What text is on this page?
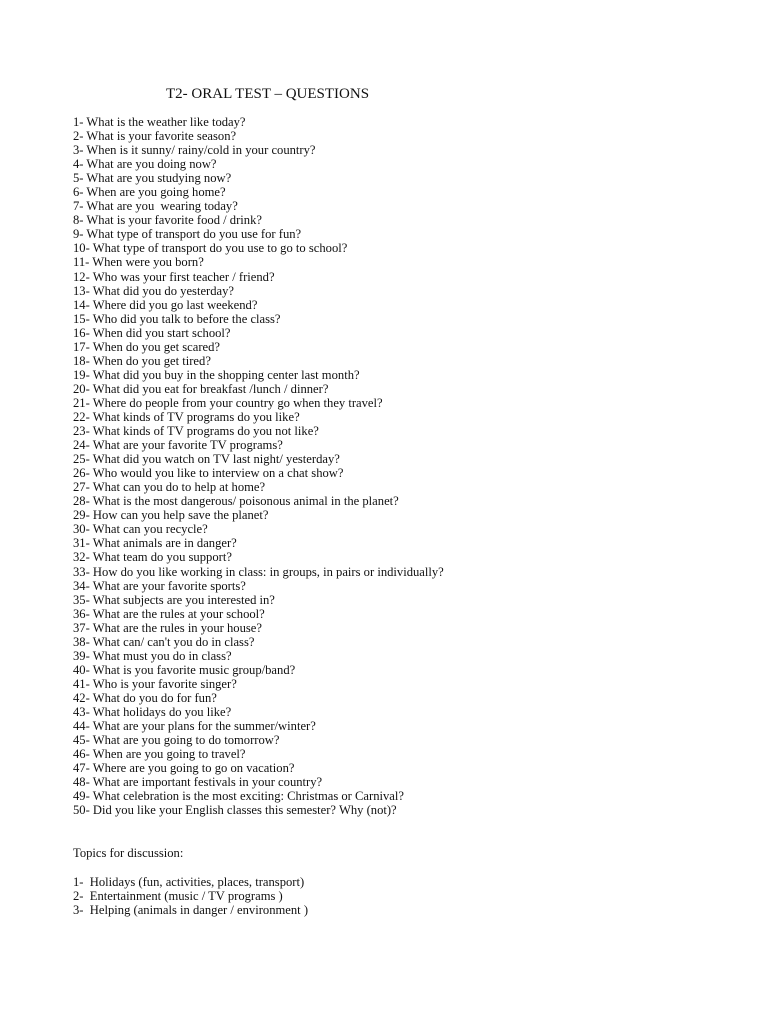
T2- ORAL TEST – QUESTIONS
1- What is the weather like today?
2- What is your favorite season?
3- When is it sunny/ rainy/cold in your country?
4- What are you doing now?
5- What are you studying now?
6- When are you going home?
7- What are you  wearing today?
8- What is your favorite food / drink?
9- What type of transport do you use for fun?
10- What type of transport do you use to go to school?
11- When were you born?
12- Who was your first teacher / friend?
13- What did you do yesterday?
14- Where did you go last weekend?
15- Who did you talk to before the class?
16- When did you start school?
17- When do you get scared?
18- When do you get tired?
19- What did you buy in the shopping center last month?
20- What did you eat for breakfast /lunch / dinner?
21- Where do people from your country go when they travel?
22- What kinds of TV programs do you like?
23- What kinds of TV programs do you not like?
24- What are your favorite TV programs?
25- What did you watch on TV last night/ yesterday?
26- Who would you like to interview on a chat show?
27- What can you do to help at home?
28- What is the most dangerous/ poisonous animal in the planet?
29- How can you help save the planet?
30- What can you recycle?
31- What animals are in danger?
32- What team do you support?
33- How do you like working in class: in groups, in pairs or individually?
34- What are your favorite sports?
35- What subjects are you interested in?
36- What are the rules at your school?
37- What are the rules in your house?
38- What can/ can't you do in class?
39- What must you do in class?
40- What is you favorite music group/band?
41- Who is your favorite singer?
42- What do you do for fun?
43- What holidays do you like?
44- What are your plans for the summer/winter?
45- What are you going to do tomorrow?
46- When are you going to travel?
47- Where are you going to go on vacation?
48- What are important festivals in your country?
49- What celebration is the most exciting: Christmas or Carnival?
50- Did you like your English classes this semester? Why (not)?
Topics for discussion:
1-  Holidays (fun, activities, places, transport)
2-  Entertainment (music / TV programs )
3-  Helping (animals in danger / environment )
